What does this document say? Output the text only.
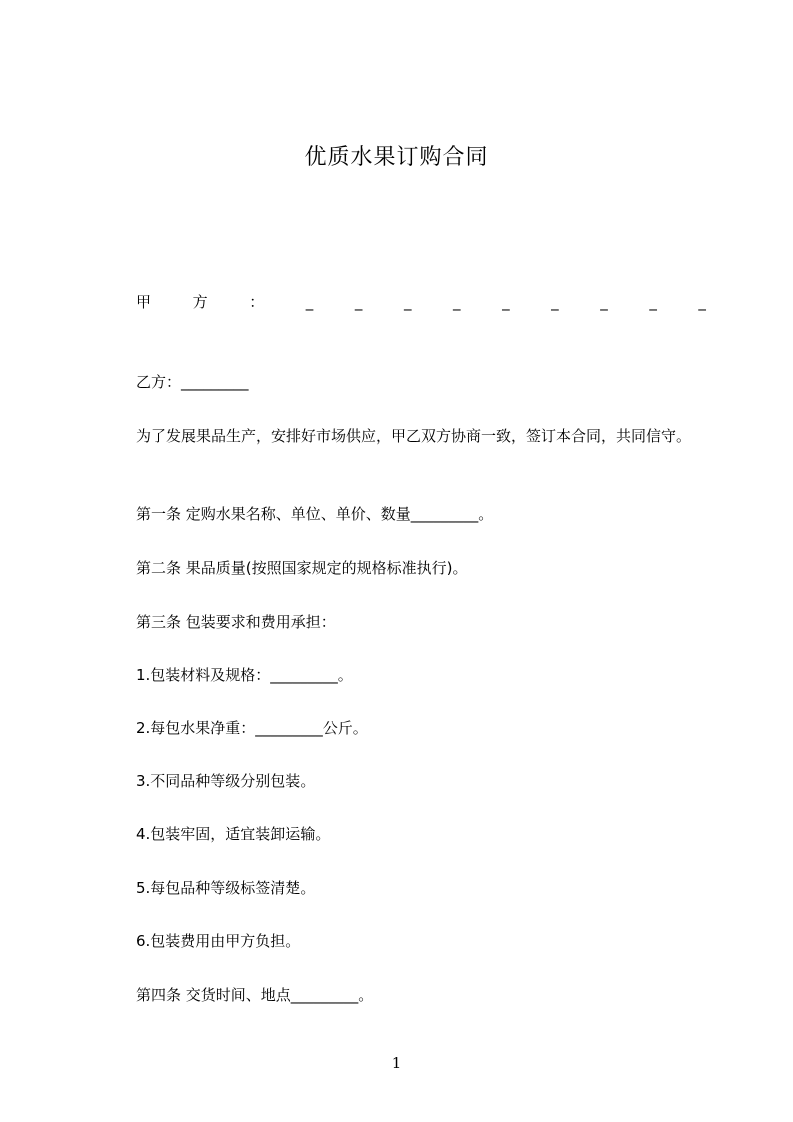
优质水果订购合同
甲	方	：	_	_	_	_	_	_	_	_	_
乙方：_________
为了发展果品生产，安排好市场供应，甲乙双方协商一致，签订本合同，共同信守。
第一条 定购水果名称、单位、单价、数量_________。
第二条 果品质量(按照国家规定的规格标准执行)。
第三条 包装要求和费用承担：
1.包装材料及规格：_________。
2.每包水果净重：_________公斤。
3.不同品种等级分别包装。
4.包装牢固，适宜装卸运输。
5.每包品种等级标签清楚。
6.包装费用由甲方负担。
第四条 交货时间、地点_________。
1
